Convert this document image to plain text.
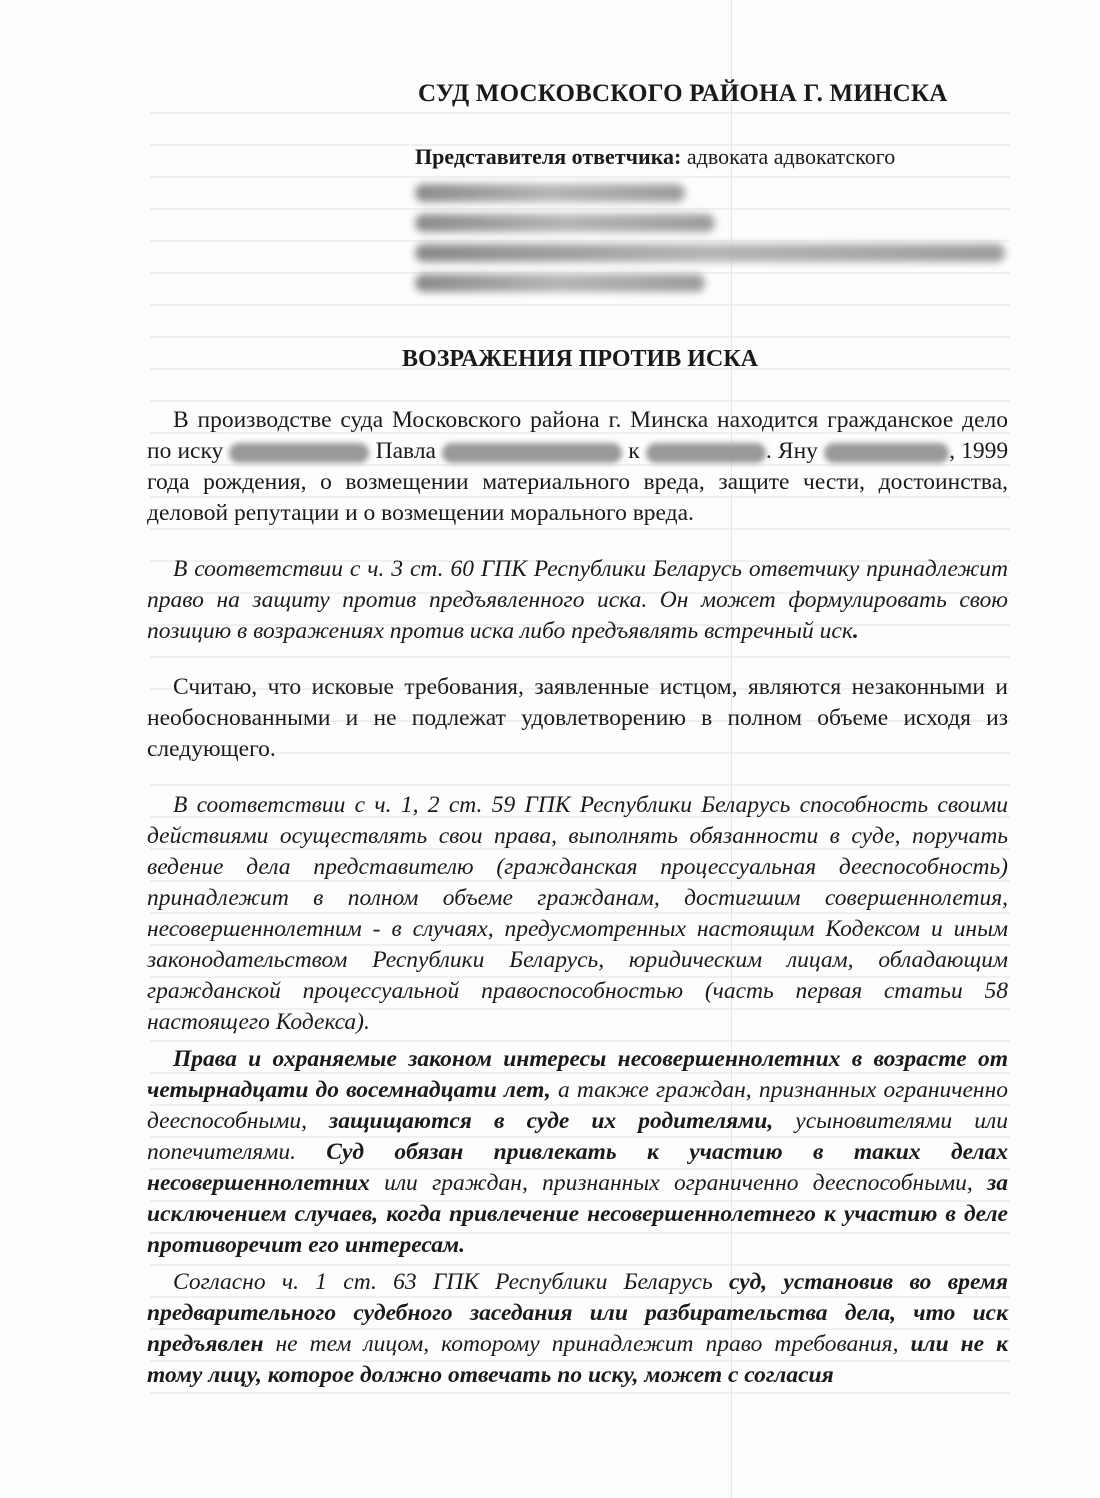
СУД МОСКОВСКОГО РАЙОНА Г. МИНСКА
Представителя ответчика: адвоката адвокатского
ВОЗРАЖЕНИЯ ПРОТИВ ИСКА

В производстве суда Московского района г. Минска находится гражданское дело по иску	Павла	к	. Яну	, 1999 года рождения, о возмещении материального вреда, защите чести, достоинства, деловой репутации и о возмещении морального вреда.

В соответствии с ч. 3 ст. 60 ГПК Республики Беларусь ответчику принадлежит право на защиту против предъявленного иска. Он может формулировать свою позицию в возражениях против иска либо предъявлять встречный иск.

Считаю, что исковые требования, заявленные истцом, являются незаконными и необоснованными и не подлежат удовлетворению в полном объеме исходя из следующего.

В соответствии с ч. 1, 2 ст. 59 ГПК Республики Беларусь способность своими действиями осуществлять свои права, выполнять обязанности в суде, поручать ведение дела представителю (гражданская процессуальная дееспособность) принадлежит в полном объеме гражданам, достигшим совершеннолетия, несовершеннолетним - в случаях, предусмотренных настоящим Кодексом и иным законодательством Республики Беларусь, юридическим лицам, обладающим гражданской процессуальной правоспособностью (часть первая статьи 58 настоящего Кодекса).

Права и охраняемые законом интересы несовершеннолетних в возрасте от четырнадцати до восемнадцати лет, а также граждан, признанных ограниченно дееспособными, защищаются в суде их родителями, усыновителями или попечителями. Суд обязан привлекать к участию в таких делах несовершеннолетних или граждан, признанных ограниченно дееспособными, за исключением случаев, когда привлечение несовершеннолетнего к участию в деле противоречит его интересам.

Согласно ч. 1 ст. 63 ГПК Республики Беларусь суд, установив во время предварительного судебного заседания или разбирательства дела, что иск предъявлен не тем лицом, которому принадлежит право требования, или не к тому лицу, которое должно отвечать по иску, может с согласия
